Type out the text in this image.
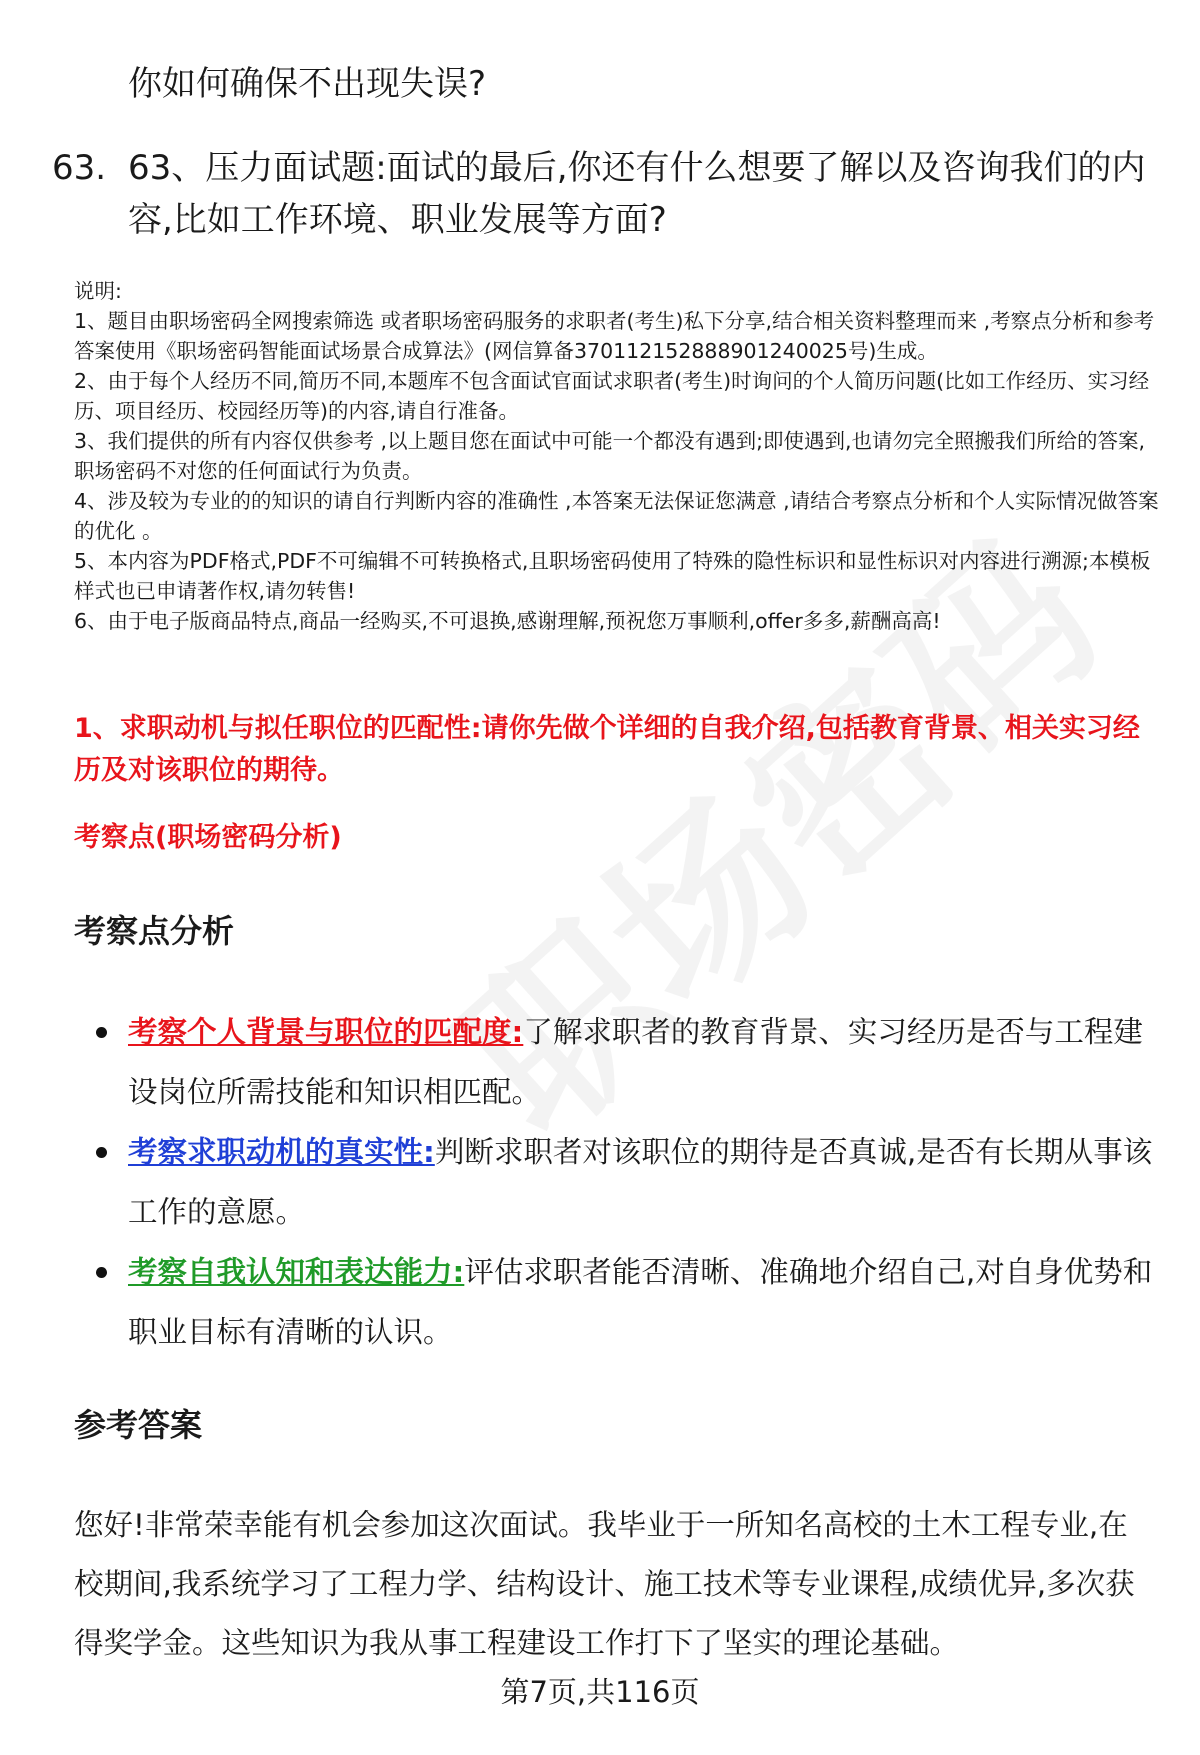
你如何确保不出现失误?
63. 63、压力面试题:面试的最后,你还有什么想要了解以及咨询我们的内容,比如工作环境、职业发展等方面?

说明:

1、题目由职场密码全网搜索筛选 或者职场密码服务的求职者(考生)私下分享,结合相关资料整理而来 ,考察点分析和参考答案使用《职场密码智能面试场景合成算法》(网信算备370112152888901240025号)生成。

2、由于每个人经历不同,简历不同,本题库不包含面试官面试求职者(考生)时询问的个人简历问题(比如工作经历、实习经历、项目经历、校园经历等)的内容,请自行准备。

3、我们提供的所有内容仅供参考 ,以上题目您在面试中可能一个都没有遇到;即使遇到,也请勿完全照搬我们所给的答案,职场密码不对您的任何面试行为负责。

4、涉及较为专业的的知识的请自行判断内容的准确性 ,本答案无法保证您满意 ,请结合考察点分析和个人实际情况做答案的优化 。

5、本内容为PDF格式,PDF不可编辑不可转换格式,且职场密码使用了特殊的隐性标识和显性标识对内容进行溯源;本模板样式也已申请著作权,请勿转售!

6、由于电子版商品特点,商品一经购买,不可退换,感谢理解,预祝您万事顺利,offer多多,薪酬高高!

1、求职动机与拟任职位的匹配性:请你先做个详细的自我介绍,包括教育背景、相关实习经历及对该职位的期待。
考察点(职场密码分析)
考察点分析
考察个人背景与职位的匹配度:了解求职者的教育背景、实习经历是否与工程建设岗位所需技能和知识相匹配。
考察求职动机的真实性:判断求职者对该职位的期待是否真诚,是否有长期从事该工作的意愿。
考察自我认知和表达能力:评估求职者能否清晰、准确地介绍自己,对自身优势和职业目标有清晰的认识。
参考答案

您好!非常荣幸能有机会参加这次面试。我毕业于一所知名高校的土木工程专业,在校期间,我系统学习了工程力学、结构设计、施工技术等专业课程,成绩优异,多次获得奖学金。这些知识为我从事工程建设工作打下了坚实的理论基础。

第7页,共116页
